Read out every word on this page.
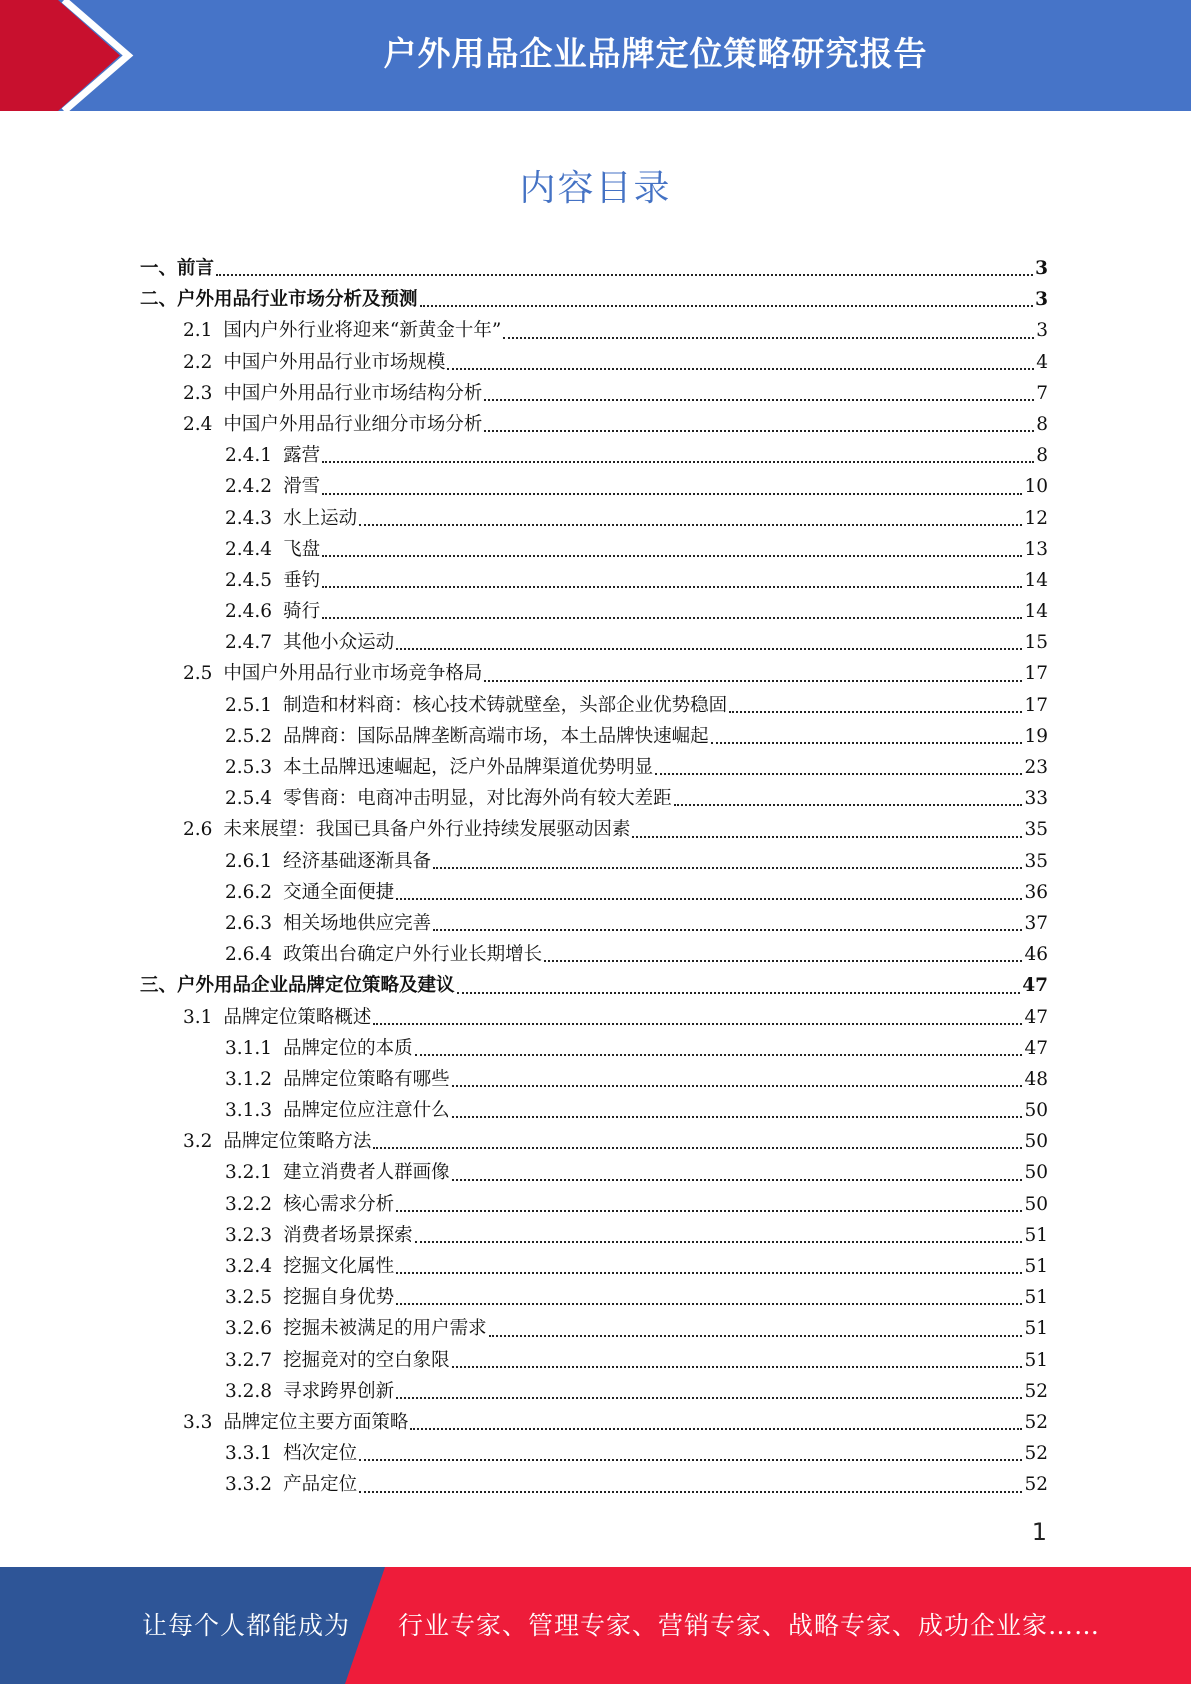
户外用品企业品牌定位策略研究报告
内容目录
一、前言	3
二、户外用品行业市场分析及预测	3
2.1 国内户外行业将迎来“新黄金十年”	3
2.2 中国户外用品行业市场规模	4
2.3 中国户外用品行业市场结构分析	7
2.4 中国户外用品行业细分市场分析	8
2.4.1 露营	8
2.4.2 滑雪	10
2.4.3 水上运动	12
2.4.4 飞盘	13
2.4.5 垂钓	14
2.4.6 骑行	14
2.4.7 其他小众运动	15
2.5 中国户外用品行业市场竞争格局	17
2.5.1 制造和材料商：核心技术铸就壁垒，头部企业优势稳固	17
2.5.2 品牌商：国际品牌垄断高端市场，本土品牌快速崛起	19
2.5.3 本土品牌迅速崛起，泛户外品牌渠道优势明显	23
2.5.4 零售商：电商冲击明显，对比海外尚有较大差距	33
2.6 未来展望：我国已具备户外行业持续发展驱动因素	35
2.6.1 经济基础逐渐具备	35
2.6.2 交通全面便捷	36
2.6.3 相关场地供应完善	37
2.6.4 政策出台确定户外行业长期增长	46
三、户外用品企业品牌定位策略及建议	47
3.1 品牌定位策略概述	47
3.1.1 品牌定位的本质	47
3.1.2 品牌定位策略有哪些	48
3.1.3 品牌定位应注意什么	50
3.2 品牌定位策略方法	50
3.2.1 建立消费者人群画像	50
3.2.2 核心需求分析	50
3.2.3 消费者场景探索	51
3.2.4 挖掘文化属性	51
3.2.5 挖掘自身优势	51
3.2.6 挖掘未被满足的用户需求	51
3.2.7 挖掘竞对的空白象限	51
3.2.8 寻求跨界创新	52
3.3 品牌定位主要方面策略	52
3.3.1 档次定位	52
3.3.2 产品定位	52
1
让每个人都能成为 行业专家、管理专家、营销专家、战略专家、成功企业家……
